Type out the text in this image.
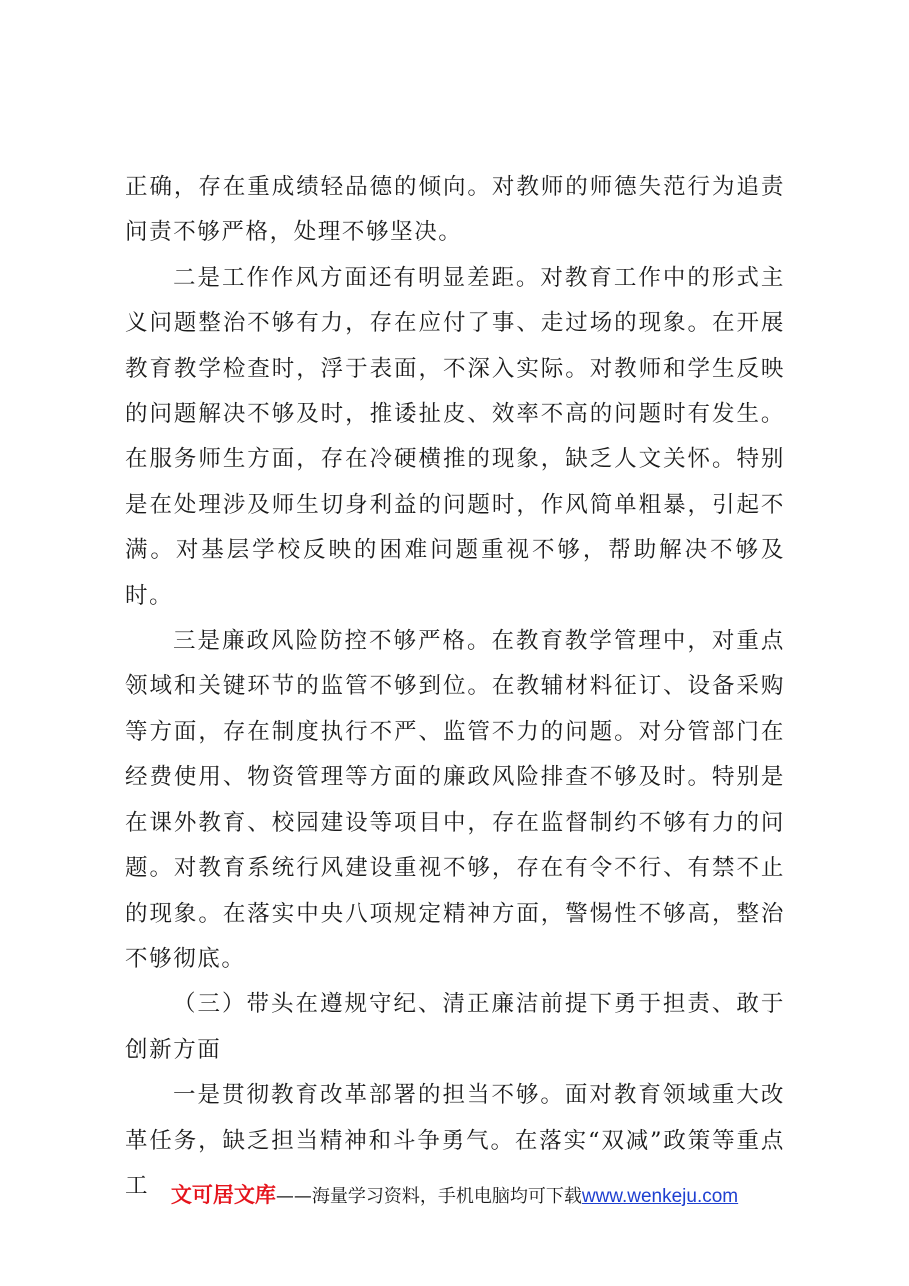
正确，存在重成绩轻品德的倾向。对教师的师德失范行为追责问责不够严格，处理不够坚决。

二是工作作风方面还有明显差距。对教育工作中的形式主义问题整治不够有力，存在应付了事、走过场的现象。在开展教育教学检查时，浮于表面，不深入实际。对教师和学生反映的问题解决不够及时，推诿扯皮、效率不高的问题时有发生。在服务师生方面，存在冷硬横推的现象，缺乏人文关怀。特别是在处理涉及师生切身利益的问题时，作风简单粗暴，引起不满。对基层学校反映的困难问题重视不够，帮助解决不够及时。

三是廉政风险防控不够严格。在教育教学管理中，对重点领域和关键环节的监管不够到位。在教辅材料征订、设备采购等方面，存在制度执行不严、监管不力的问题。对分管部门在经费使用、物资管理等方面的廉政风险排查不够及时。特别是在课外教育、校园建设等项目中，存在监督制约不够有力的问题。对教育系统行风建设重视不够，存在有令不行、有禁不止的现象。在落实中央八项规定精神方面，警惕性不够高，整治不够彻底。

（三）带头在遵规守纪、清正廉洁前提下勇于担责、敢于创新方面

一是贯彻教育改革部署的担当不够。面对教育领域重大改革任务，缺乏担当精神和斗争勇气。在落实“双减”政策等重点工	文可居文库——海量学习资料，手机电脑均可下载www.wenkeju.com
